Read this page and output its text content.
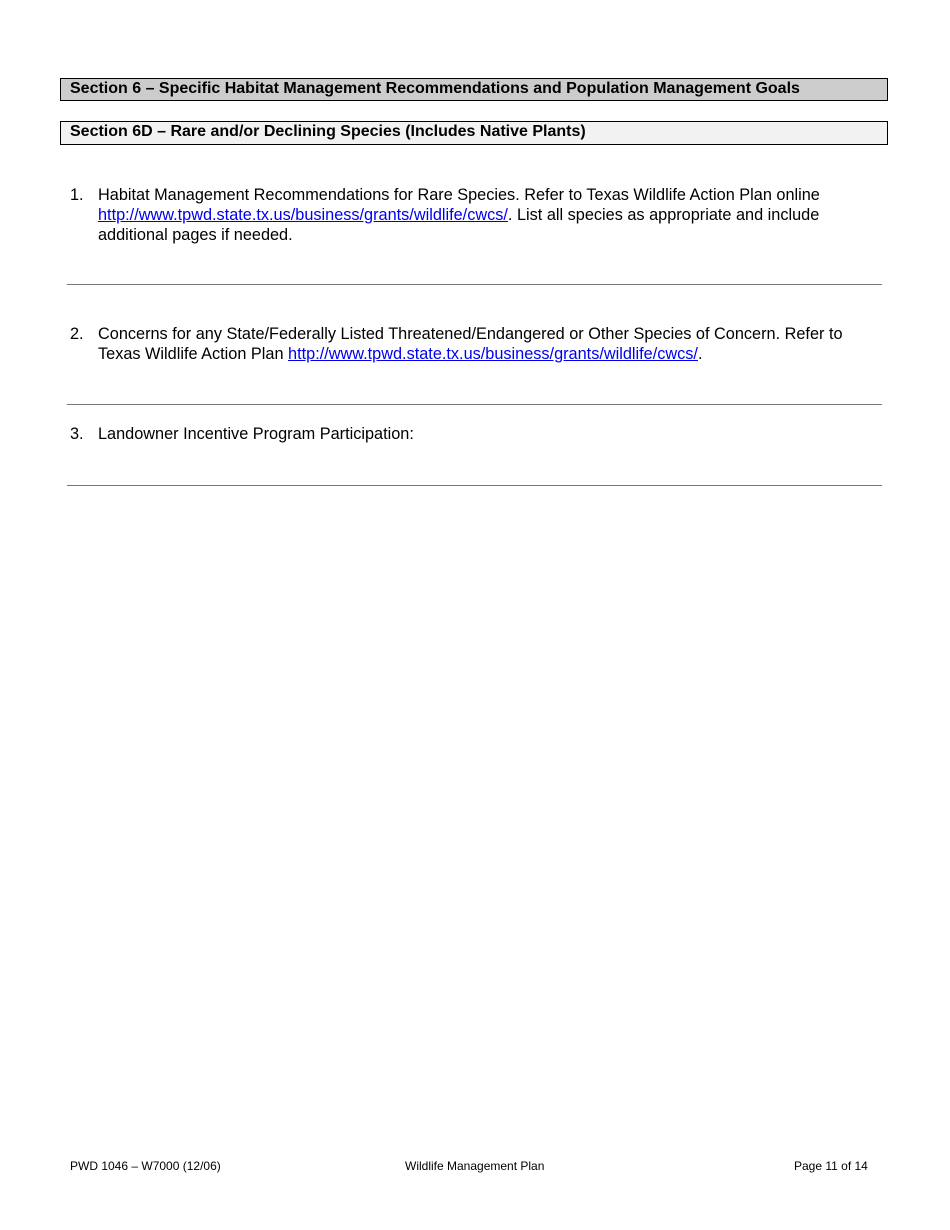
Section 6 – Specific Habitat Management Recommendations and Population Management Goals
Section 6D – Rare and/or Declining Species (Includes Native Plants)
1. Habitat Management Recommendations for Rare Species. Refer to Texas Wildlife Action Plan online http://www.tpwd.state.tx.us/business/grants/wildlife/cwcs/. List all species as appropriate and include additional pages if needed.
2. Concerns for any State/Federally Listed Threatened/Endangered or Other Species of Concern. Refer to Texas Wildlife Action Plan http://www.tpwd.state.tx.us/business/grants/wildlife/cwcs/.
3. Landowner Incentive Program Participation:
PWD 1046 – W7000 (12/06)	Wildlife Management Plan	Page 11 of 14
